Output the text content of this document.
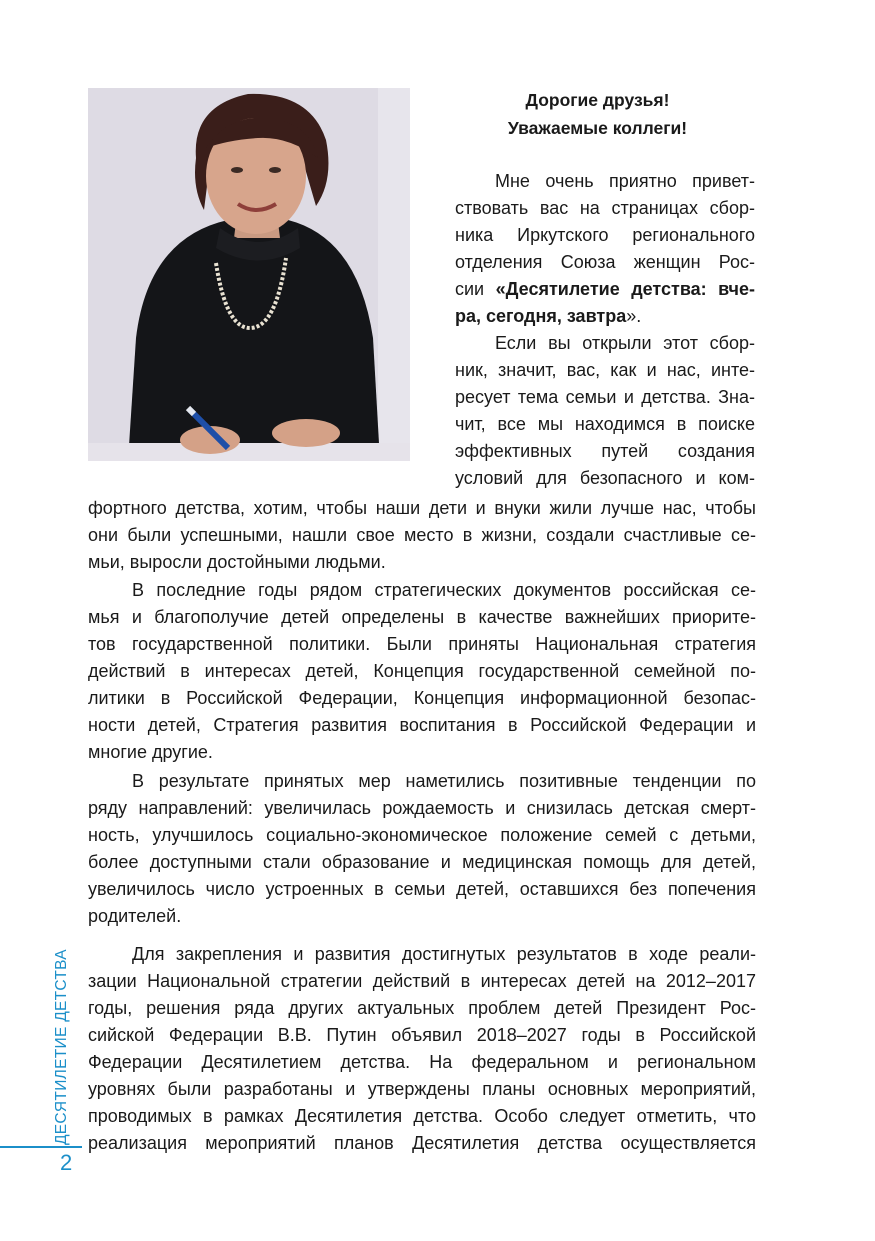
Дорогие друзья!
Уважаемые коллеги!
Мне очень приятно привет-
ствовать вас на страницах сбор-
ника Иркутского регионального
отделения Союза женщин Рос-
сии «Десятилетие детства: вче-
ра, сегодня, завтра».
Если вы открыли этот сбор-
ник, значит, вас, как и нас, инте-
ресует тема семьи и детства. Зна-
чит, все мы находимся в поиске
эффективных путей создания
условий для безопасного и ком-
фортного детства, хотим, чтобы наши дети и внуки жили лучше нас, чтобы
они были успешными, нашли свое место в жизни, создали счастливые се-
мьи, выросли достойными людьми.
В последние годы рядом стратегических документов российская се-
мья и благополучие детей определены в качестве важнейших приорите-
тов государственной политики. Были приняты Национальная стратегия
действий в интересах детей, Концепция государственной семейной по-
литики в Российской Федерации, Концепция информационной безопас-
ности детей, Стратегия развития воспитания в Российской Федерации и
многие другие.
В результате принятых мер наметились позитивные тенденции по
ряду направлений: увеличилась рождаемость и снизилась детская смерт-
ность, улучшилось социально-экономическое положение семей с детьми,
более доступными стали образование и медицинская помощь для детей,
увеличилось число устроенных в семьи детей, оставшихся без попечения
родителей.
Для закрепления и развития достигнутых результатов в ходе реали-
зации Национальной стратегии действий в интересах детей на 2012–2017
годы, решения ряда других актуальных проблем детей Президент Рос-
сийской Федерации В.В. Путин объявил 2018–2027 годы в Российской
Федерации Десятилетием детства. На федеральном и региональном
уровнях были разработаны и утверждены планы основных мероприятий,
проводимых в рамках Десятилетия детства. Особо следует отметить, что
реализация мероприятий планов Десятилетия детства осуществляется
ДЕСЯТИЛЕТИЕ ДЕТСТВА
2
